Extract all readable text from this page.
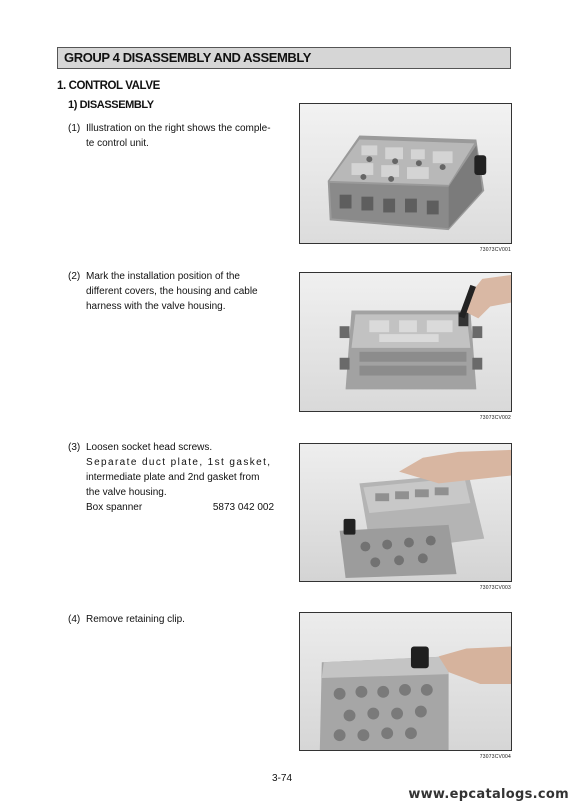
GROUP 4 DISASSEMBLY AND ASSEMBLY
1. CONTROL VALVE
1) DISASSEMBLY
(1) Illustration on the right shows the comple-
te control unit.
(2) Mark the installation position of the
different covers, the housing and cable
harness with the valve housing.
(3) Loosen socket head screws.
Separate duct plate, 1st gasket,
intermediate plate and 2nd gasket from
the valve housing.
Box spanner	5873 042 002
(4) Remove retaining clip.
73073CV001
73073CV002
73073CV003
73073CV004
3-74
www.epcatalogs.com
